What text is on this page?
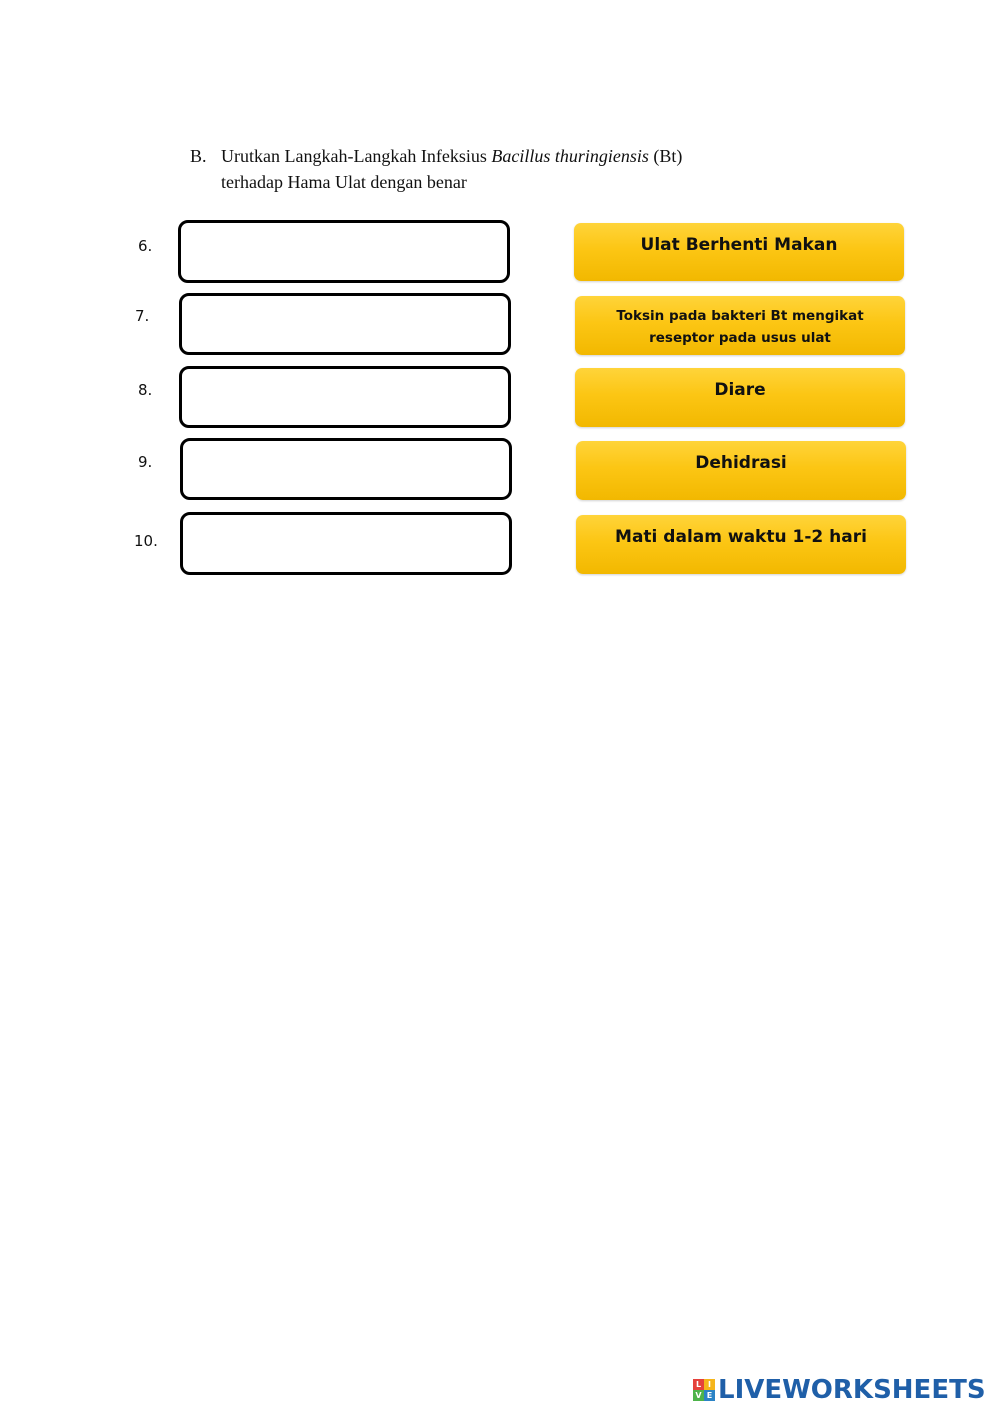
B. Urutkan Langkah-Langkah Infeksius Bacillus thuringiensis (Bt)
terhadap Hama Ulat dengan benar
6.
7.
8.
9.
10.
Ulat Berhenti Makan
Toksin pada bakteri Bt mengikat reseptor pada usus ulat
Diare
Dehidrasi
Mati dalam waktu 1-2 hari
L I
V E LIVEWORKSHEETS
